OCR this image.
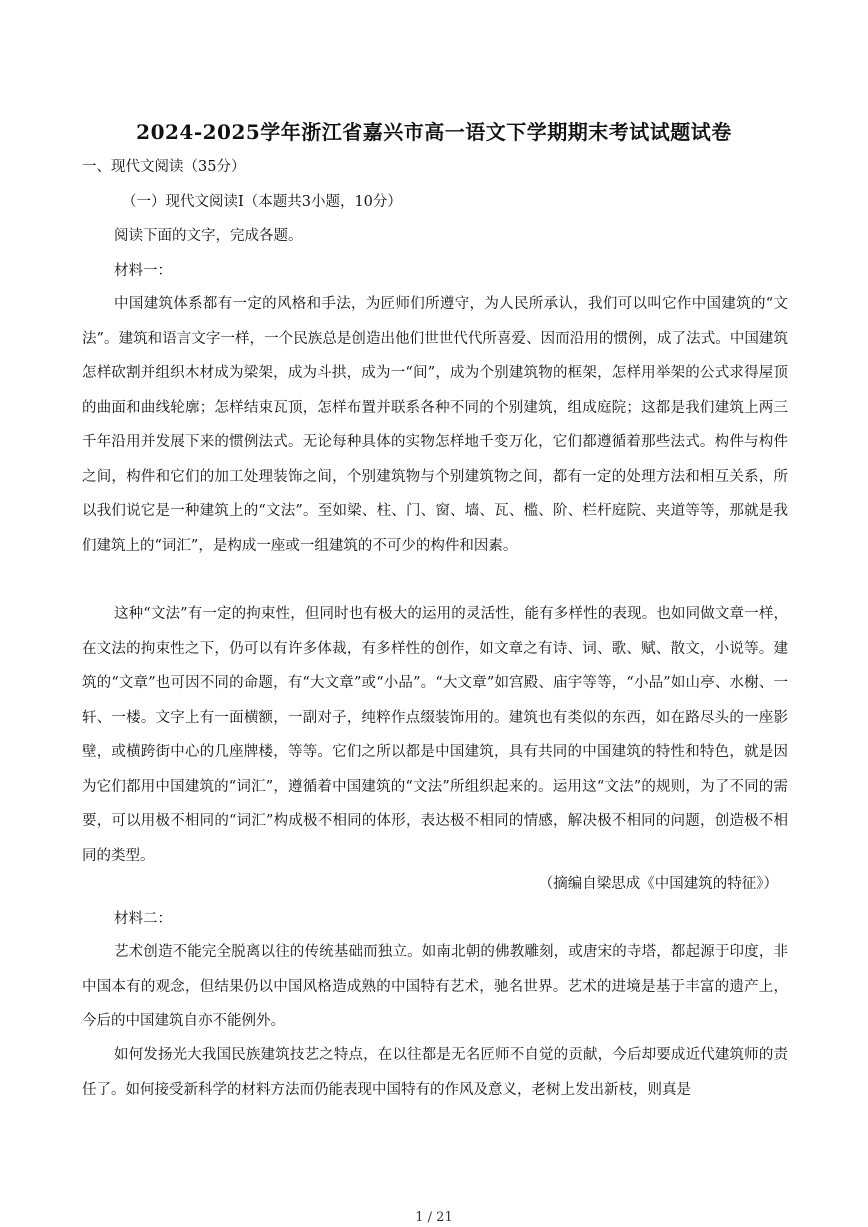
2024-2025学年浙江省嘉兴市高一语文下学期期末考试试题试卷
一、现代文阅读（35分）
（一）现代文阅读Ⅰ（本题共3小题，10分）
阅读下面的文字，完成各题。
材料一：

中国建筑体系都有一定的风格和手法，为匠师们所遵守，为人民所承认，我们可以叫它作中国建筑的“文法”。建筑和语言文字一样，一个民族总是创造出他们世世代代所喜爱、因而沿用的惯例，成了法式。中国建筑怎样砍割并组织木材成为梁架，成为斗拱，成为一“间”，成为个别建筑物的框架，怎样用举架的公式求得屋顶的曲面和曲线轮廓；怎样结束瓦顶，怎样布置并联系各种不同的个别建筑，组成庭院；这都是我们建筑上两三千年沿用并发展下来的惯例法式。无论每种具体的实物怎样地千变万化，它们都遵循着那些法式。构件与构件之间，构件和它们的加工处理装饰之间，个别建筑物与个别建筑物之间，都有一定的处理方法和相互关系，所以我们说它是一种建筑上的“文法”。至如梁、柱、门、窗、墙、瓦、槛、阶、栏杆庭院、夹道等等，那就是我们建筑上的“词汇”，是构成一座或一组建筑的不可少的构件和因素。

这种“文法”有一定的拘束性，但同时也有极大的运用的灵活性，能有多样性的表现。也如同做文章一样，在文法的拘束性之下，仍可以有许多体裁，有多样性的创作，如文章之有诗、词、歌、赋、散文，小说等。建筑的“文章”也可因不同的命题，有“大文章”或“小品”。“大文章”如宫殿、庙宇等等，“小品”如山亭、水榭、一轩、一楼。文字上有一面横额，一副对子，纯粹作点缀装饰用的。建筑也有类似的东西，如在路尽头的一座影壁，或横跨街中心的几座牌楼，等等。它们之所以都是中国建筑，具有共同的中国建筑的特性和特色，就是因为它们都用中国建筑的“词汇”，遵循着中国建筑的“文法”所组织起来的。运用这“文法”的规则，为了不同的需要，可以用极不相同的“词汇”构成极不相同的体形，表达极不相同的情感，解决极不相同的问题，创造极不相同的类型。

（摘编自梁思成《中国建筑的特征》）
材料二：

艺术创造不能完全脱离以往的传统基础而独立。如南北朝的佛教雕刻，或唐宋的寺塔，都起源于印度，非中国本有的观念，但结果仍以中国风格造成熟的中国特有艺术，驰名世界。艺术的进境是基于丰富的遗产上，今后的中国建筑自亦不能例外。

如何发扬光大我国民族建筑技艺之特点，在以往都是无名匠师不自觉的贡献，今后却要成近代建筑师的责任了。如何接受新科学的材料方法而仍能表现中国特有的作风及意义，老树上发出新枝，则真是

1 / 21
